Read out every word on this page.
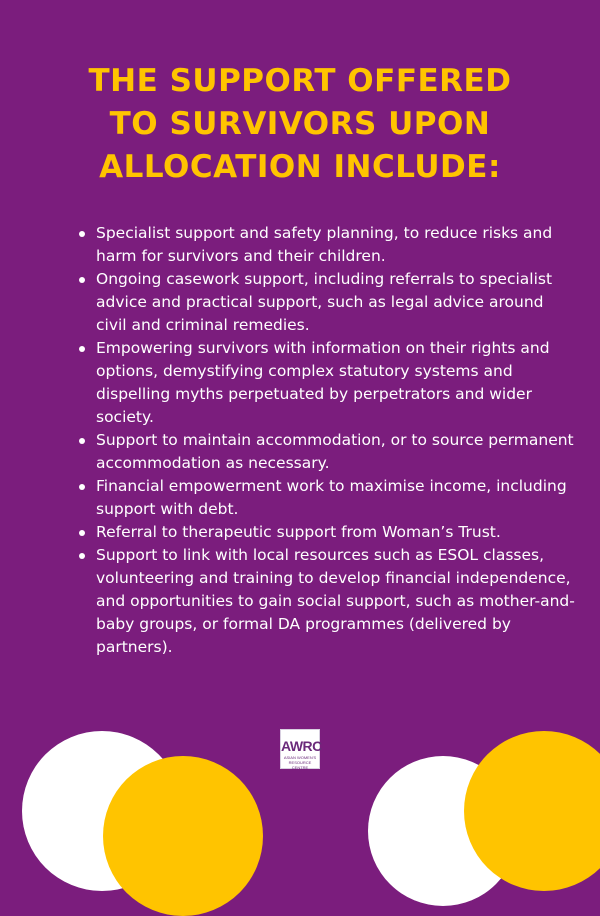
THE SUPPORT OFFERED
TO SURVIVORS UPON
ALLOCATION INCLUDE:
Specialist support and safety planning, to reduce risks and harm for survivors and their children.
Ongoing casework support, including referrals to specialist advice and practical support, such as legal advice around civil and criminal remedies.
Empowering survivors with information on their rights and options, demystifying complex statutory systems and dispelling myths perpetuated by perpetrators and wider society.
Support to maintain accommodation, or to source permanent accommodation as necessary.
Financial empowerment work to maximise income, including support with debt.
Referral to therapeutic support from Woman’s Trust.
Support to link with local resources such as ESOL classes, volunteering and training to develop financial independence, and opportunities to gain social support, such as mother-and-baby groups, or formal DA programmes (delivered by partners).
AWRC
ASIAN WOMEN'S RESOURCE CENTRE
